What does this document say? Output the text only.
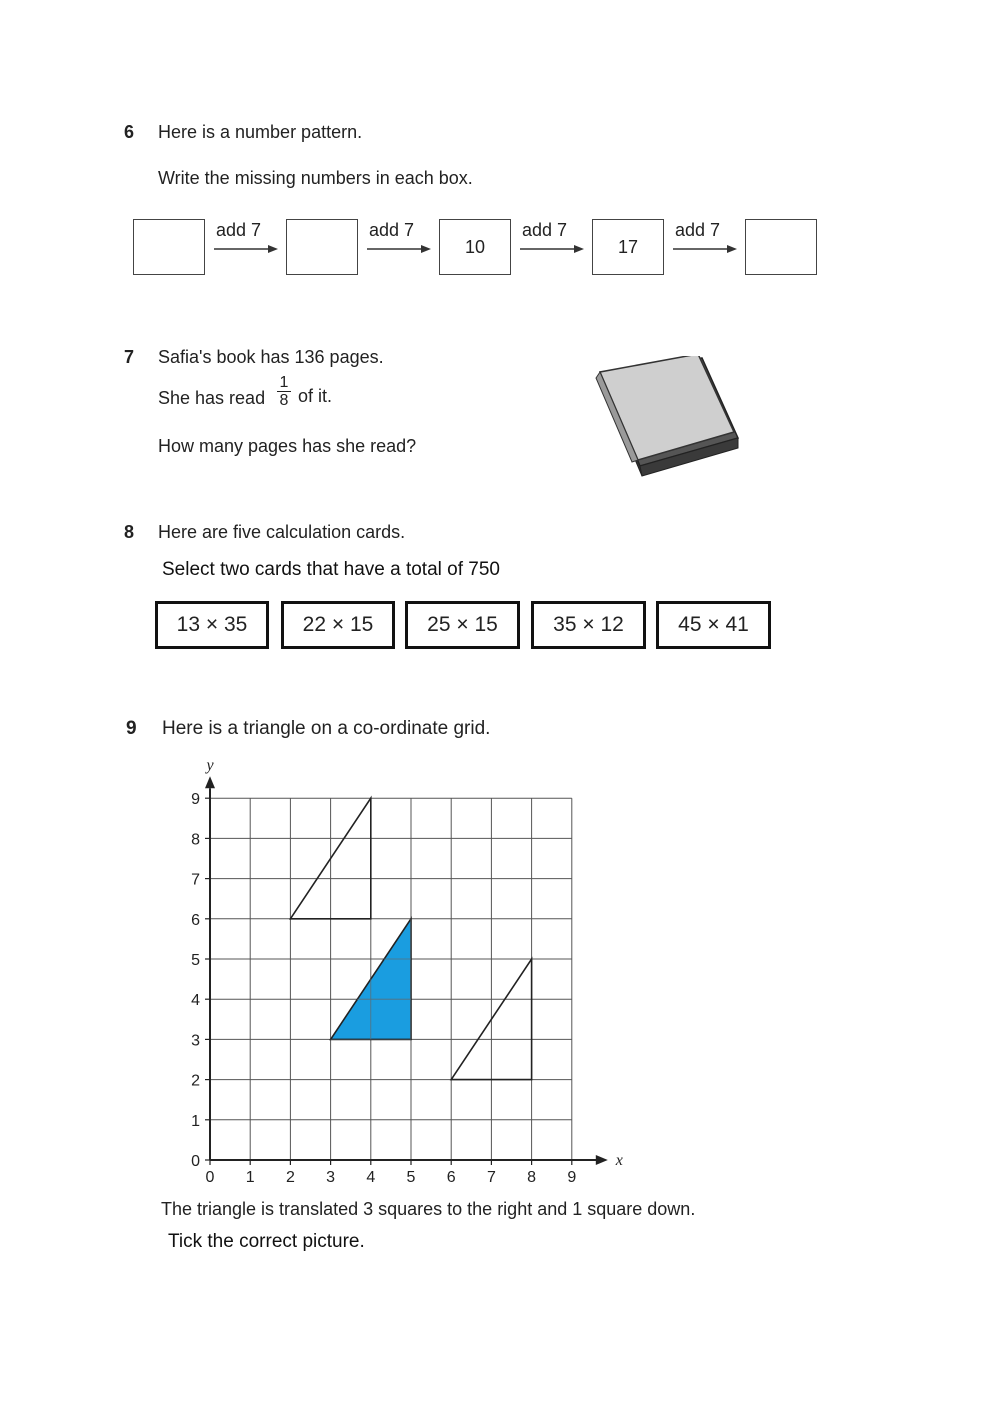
6 Here is a number pattern.
Write the missing numbers in each box.
10	17
add 7	add 7	add 7	add 7
7 Safia's book has 136 pages.
She has read
1
8 of it.
How many pages has she read?
8 Here are five calculation cards.
Select two cards that have a total of 750
13 × 35	22 × 15	25 × 15	35 × 12	45 × 41
9 Here is a triangle on a co-ordinate grid.
0 1 2 3 4 5 6 7 8 9
0
1
2
3
4
5
6
7
8
9
x
y
The triangle is translated 3 squares to the right and 1 square down.
Tick the correct picture.
